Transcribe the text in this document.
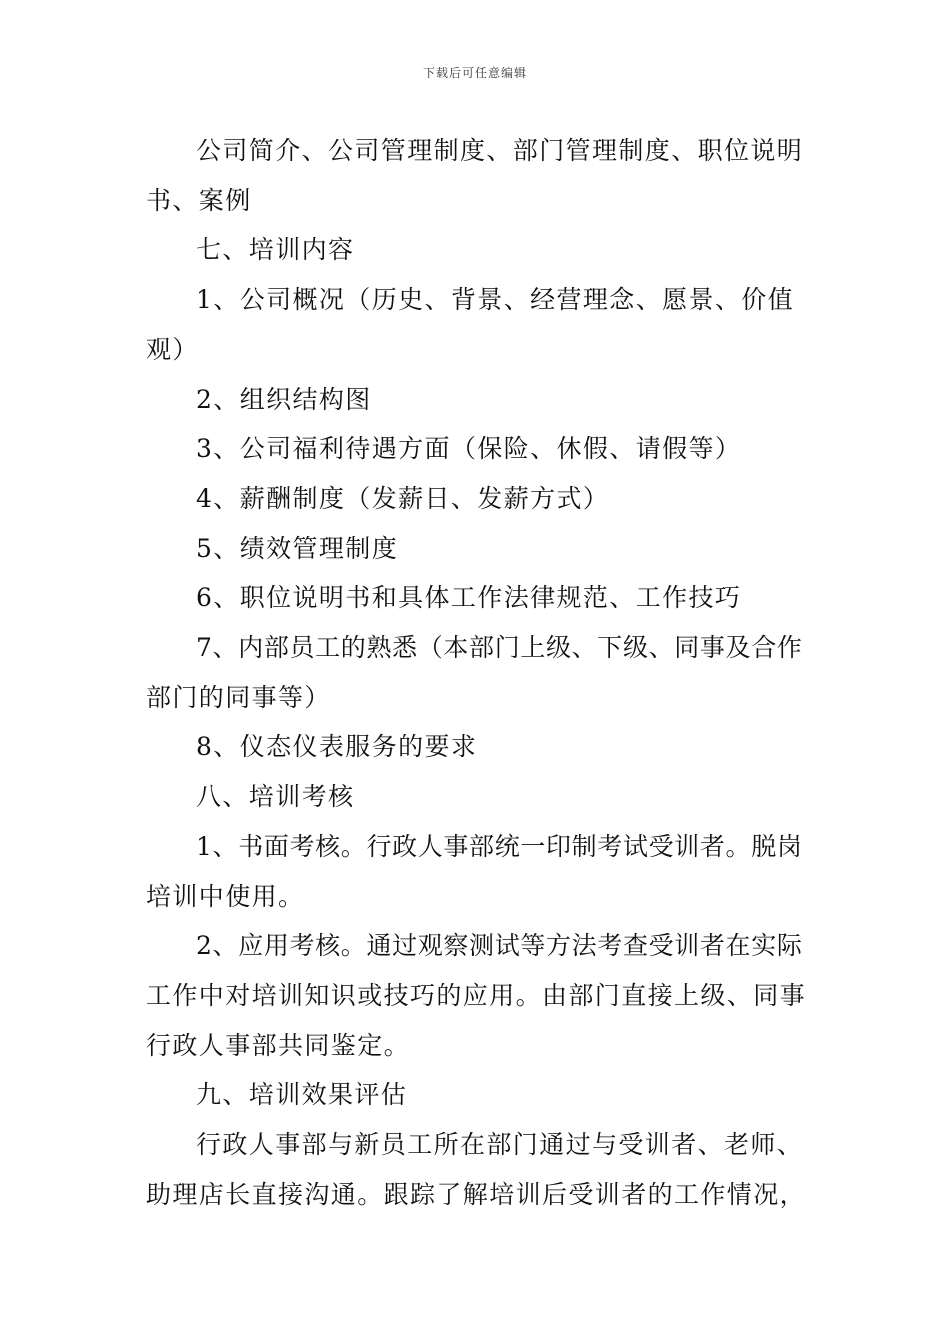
下载后可任意编辑

公司简介、公司管理制度、部门管理制度、职位说明

书、案例

七、培训内容

1、公司概况（历史、背景、经营理念、愿景、价值

观）

2、组织结构图

3、公司福利待遇方面（保险、休假、请假等）

4、薪酬制度（发薪日、发薪方式）

5、绩效管理制度

6、职位说明书和具体工作法律规范、工作技巧

7、内部员工的熟悉（本部门上级、下级、同事及合作

部门的同事等）

8、仪态仪表服务的要求

八、培训考核

1、书面考核。行政人事部统一印制考试受训者。脱岗

培训中使用。

2、应用考核。通过观察测试等方法考查受训者在实际

工作中对培训知识或技巧的应用。由部门直接上级、同事

行政人事部共同鉴定。

九、培训效果评估

行政人事部与新员工所在部门通过与受训者、老师、

助理店长直接沟通。跟踪了解培训后受训者的工作情况，
